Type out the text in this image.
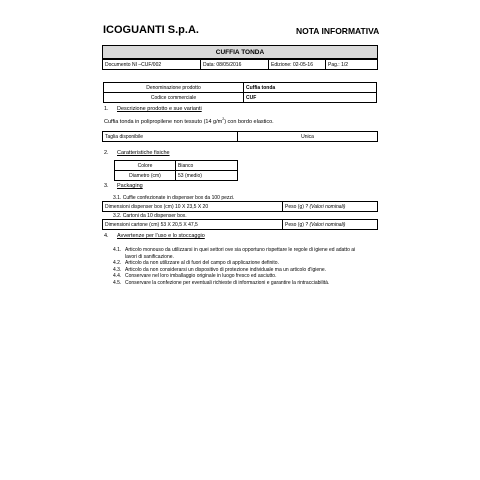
ICOGUANTI S.p.A.	NOTA INFORMATIVA
CUFFIA TONDA
Documento NI –CUF/002	Data: 08/05/2016	Edizione: 02-05-16	Pag.: 1/2
Denominazione prodotto	Cuffia tonda
Codice commerciale	CUF
1. Descrizione prodotto e sue varianti
Cuffia tonda in polipropilene non tessuto (14 $g/m^2$) con bordo elastico.
Taglia disponibile	Unica
2. Caratteristiche fisiche
Colore	Bianco
Diametro (cm)	53 (medio)
3. Packaging
3.1. Cuffie confezionate in dispenser box da 100 pezzi.
Dimensioni dispenser box (cm) 10 X 23,5 X 20	Peso (g) ? (Valori nominali)
3.2. Cartoni da 10 dispenser box.
Dimensioni cartone (cm) 53 X 20,5 X 47,5	Peso (g) ? (Valori nominali)
4. Avvertenze per l'uso e lo stoccaggio
4.1. Articolo monouso da utilizzarsi in quei settori ove sia opportuno rispettare le regole di igiene ed adatto ai lavori di sanificazione.
4.2. Articolo da non utilizzare al di fuori del campo di applicazione definito.
4.3. Articolo da non considerarsi un dispositivo di protezione individuale ma un articolo d'igiene.
4.4. Conservare nel loro imballaggio originale in luogo fresco ed asciutto.
4.5. Conservare la confezione per eventuali richieste di informazioni e garantire la rintracciabilità.
